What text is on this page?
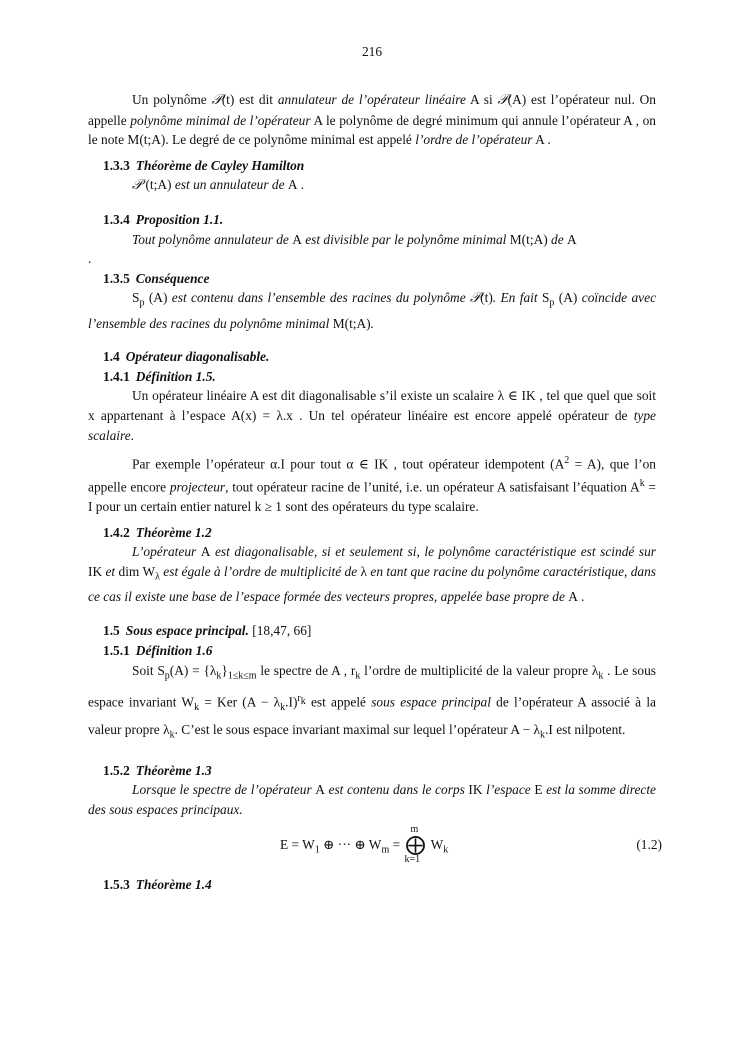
216

Un polynôme 𝒫(t) est dit annulateur de l’opérateur linéaire A si 𝒫(A) est l’opérateur nul. On appelle polynôme minimal de l’opérateur A le polynôme de degré minimum qui annule l’opérateur A , on le note M(t;A). Le degré de ce polynôme minimal est appelé l’ordre de l’opérateur A .

1.3.3 Théorème de Cayley Hamilton

𝒫 (t;A) est un annulateur de A .

1.3.4 Proposition 1.1.

Tout polynôme annulateur de A est divisible par le polynôme minimal M(t;A) de A

.

1.3.5 Conséquence

$S_p$ (A) est contenu dans l’ensemble des racines du polynôme 𝒫(t). En fait $S_p$ (A) coïncide avec l’ensemble des racines du polynôme minimal M(t;A).

1.4 Opérateur diagonalisable.

1.4.1 Définition 1.5.

Un opérateur linéaire A est dit diagonalisable s’il existe un scalaire λ ∈ IK , tel que quel que soit x appartenant à l’espace A(x) = λ.x . Un tel opérateur linéaire est encore appelé opérateur de type scalaire.

Par exemple l’opérateur α.I pour tout α ∈ IK , tout opérateur idempotent $(A^2 = A)$, que l’on appelle encore projecteur, tout opérateur racine de l’unité, i.e. un opérateur A satisfaisant l’équation $A^k = I$ pour un certain entier naturel k ≥ 1 sont des opérateurs du type scalaire.

1.4.2 Théorème 1.2

L’opérateur A est diagonalisable, si et seulement si, le polynôme caractéristique est scindé sur IK et dim $W_\lambda$ est égale à l’ordre de multiplicité de λ en tant que racine du polynôme caractéristique, dans ce cas il existe une base de l’espace formée des vecteurs propres, appelée base propre de A .

1.5 Sous espace principal. [18,47, 66]

1.5.1 Définition 1.6

Soit $S_p(A) = \{\lambda_k\}_{1\le k\le m}$ le spectre de A , $r_k$ l’ordre de multiplicité de la valeur propre $\lambda_k$ . Le sous espace invariant $W_k$ = Ker $(A - \lambda_k.I)^{r_k}$ est appelé sous espace principal de l’opérateur A associé à la valeur propre $\lambda_k$. C’est le sous espace invariant maximal sur lequel l’opérateur $A - \lambda_k.I$ est nilpotent.

1.5.2 Théorème 1.3

Lorsque le spectre de l’opérateur A est contenu dans le corps IK l’espace E est la somme directe des sous espaces principaux.

$E = W_1$ ⊕ ··· ⊕ $W_m$ = ⨁
m
k=1
$W_k$	(1.2)

1.5.3 Théorème 1.4
